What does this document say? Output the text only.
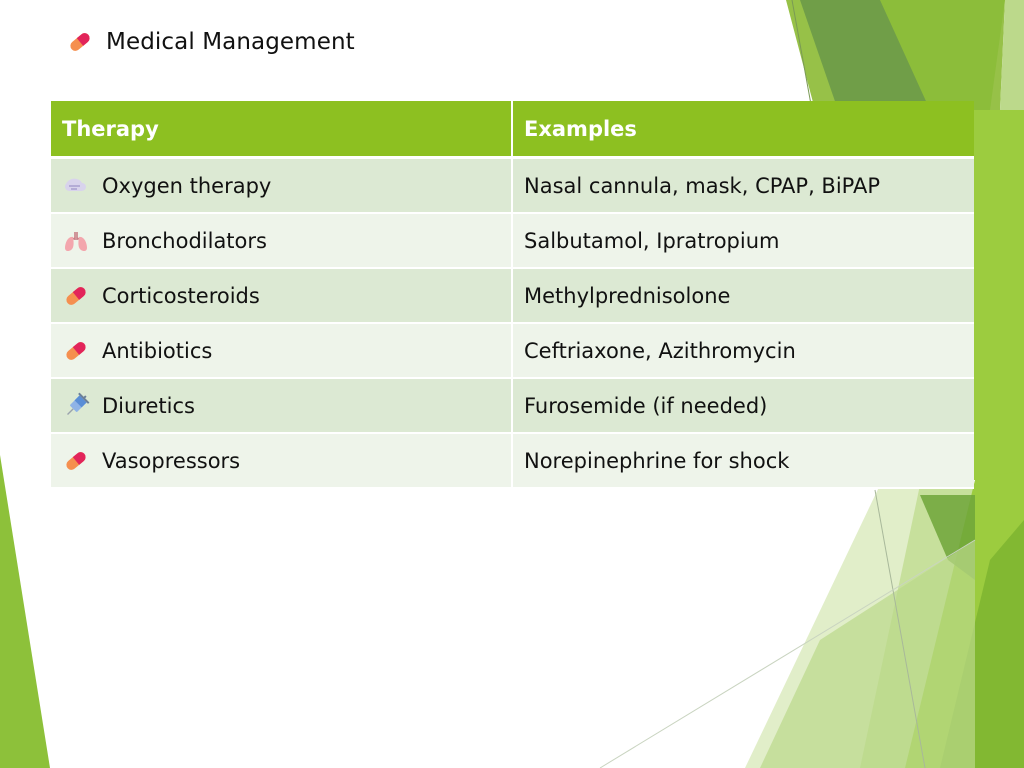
Medical Management
Therapy	Examples

Oxygen therapy	Nasal cannula, mask, CPAP, BiPAP

Bronchodilators	Salbutamol, Ipratropium

Corticosteroids	Methylprednisolone

Antibiotics	Ceftriaxone, Azithromycin

Diuretics	Furosemide (if needed)

Vasopressors	Norepinephrine for shock
